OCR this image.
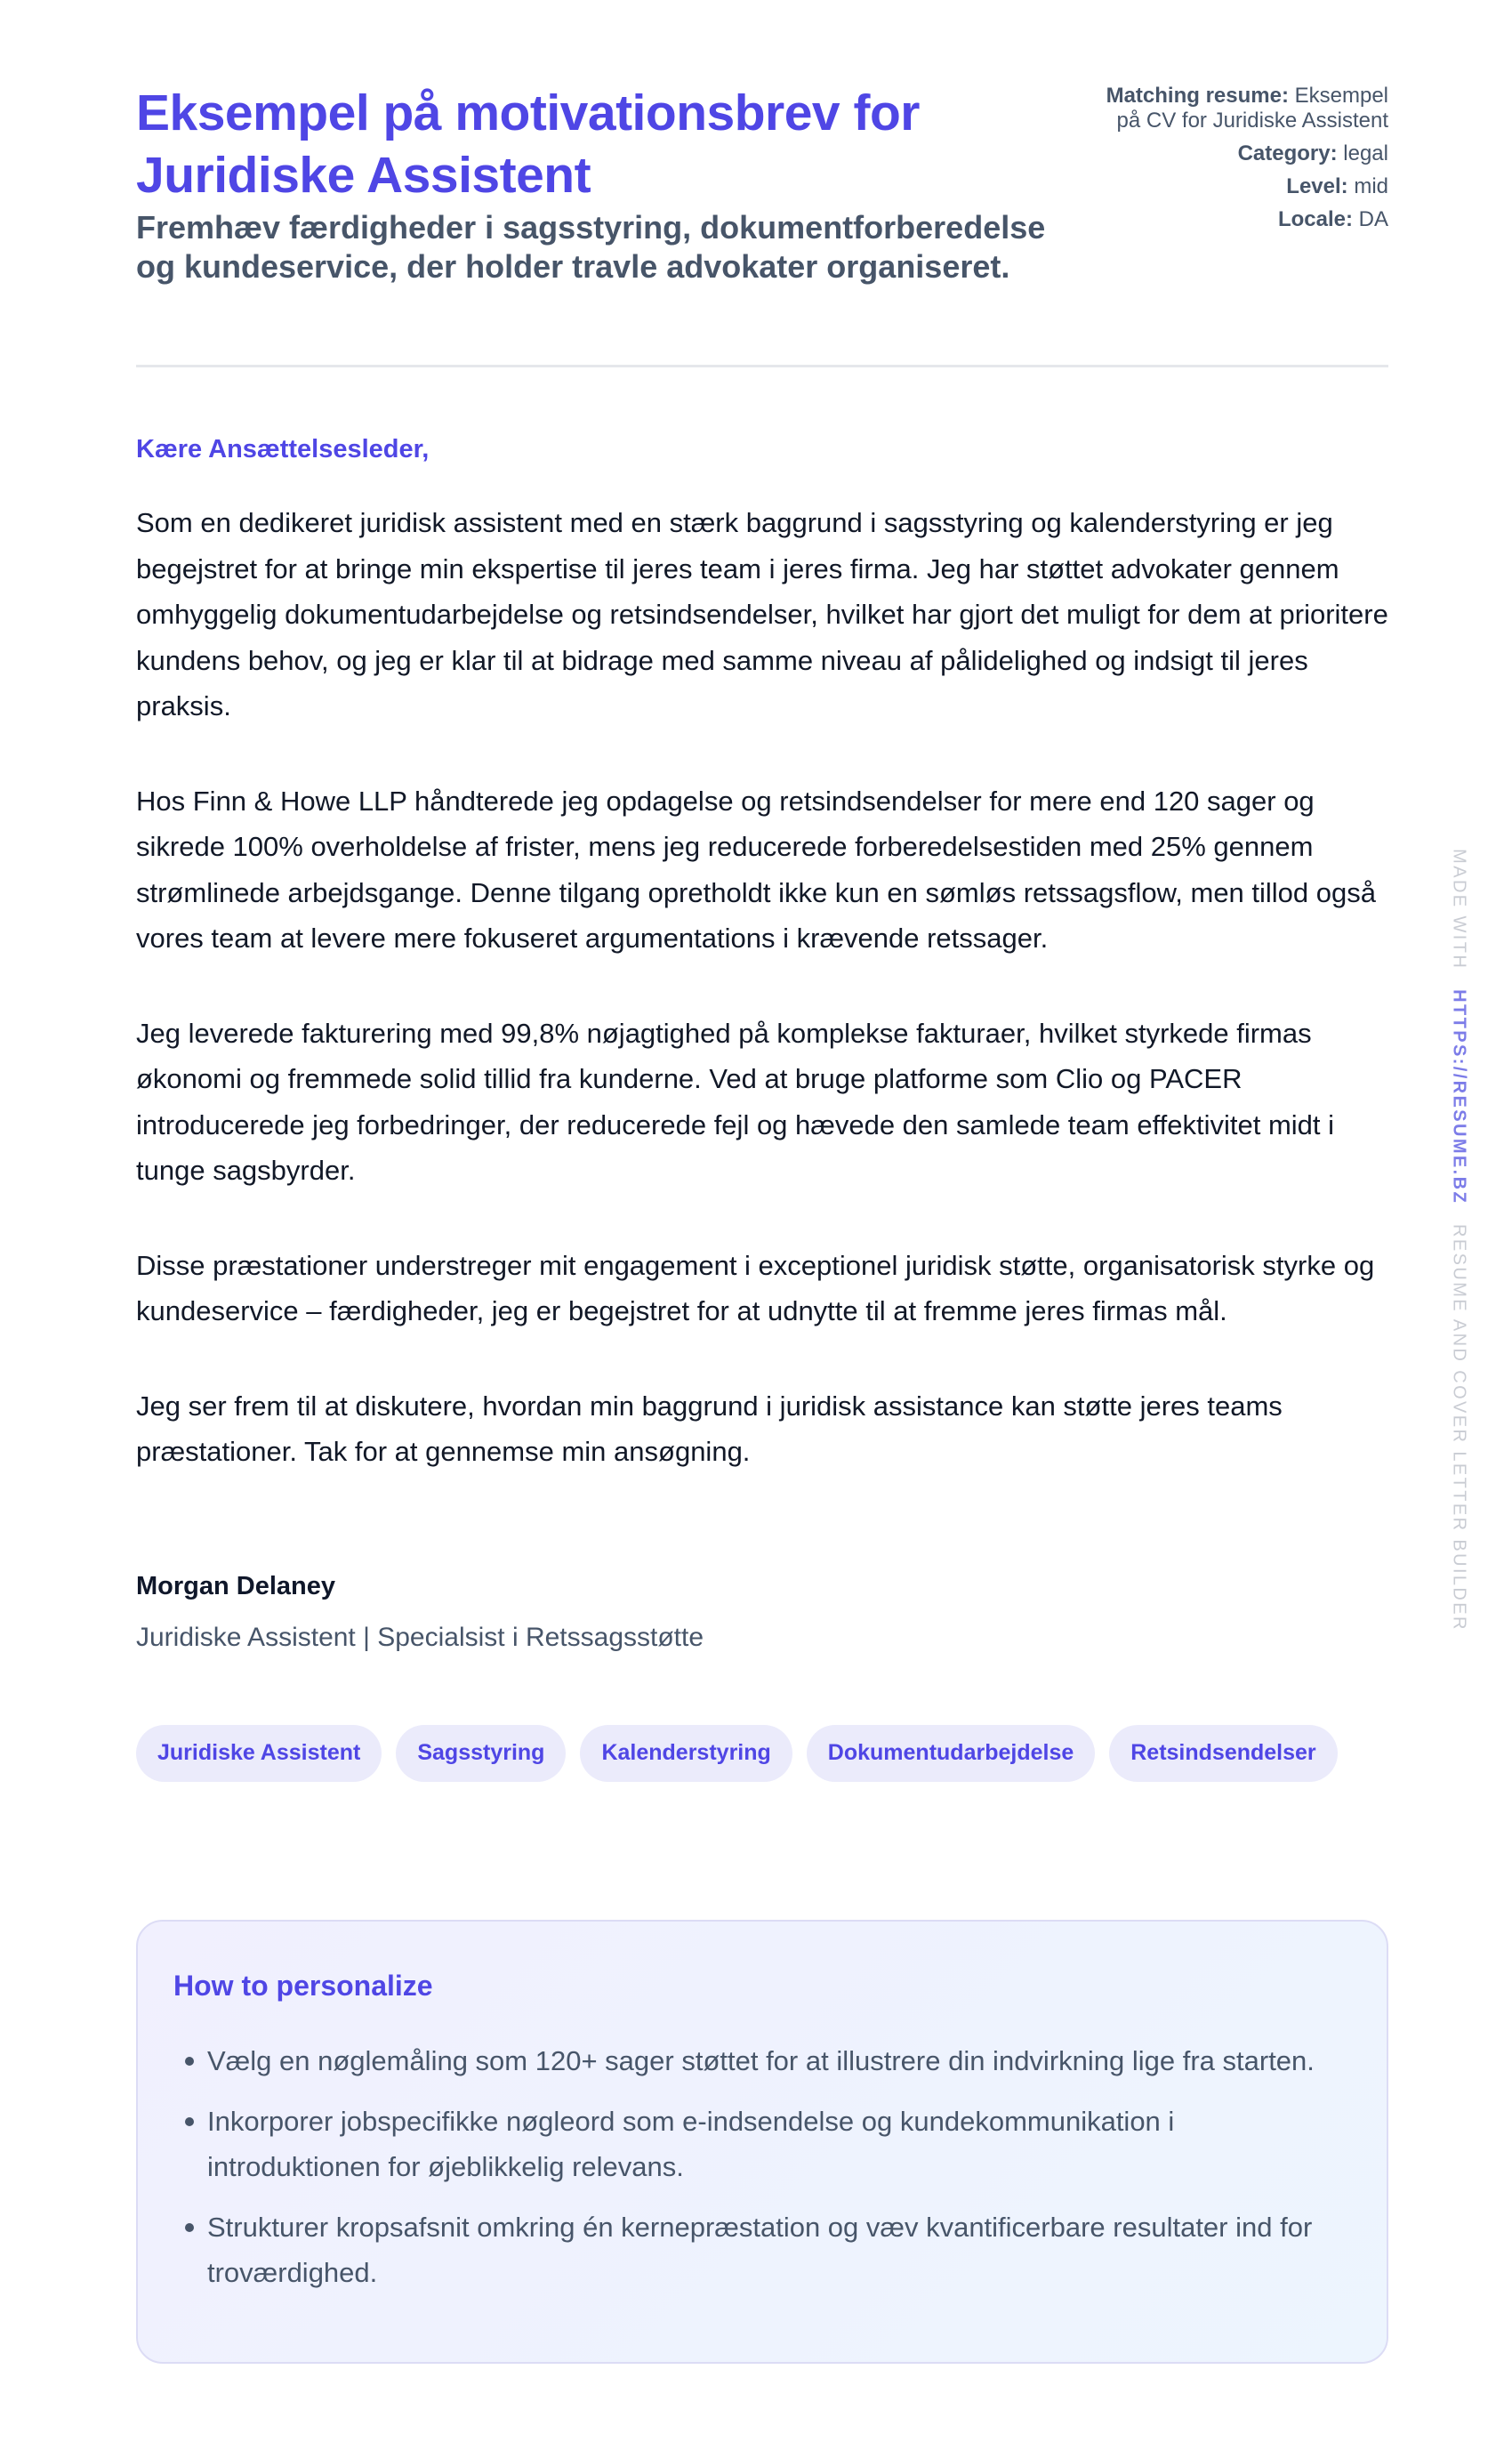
Eksempel på motivationsbrev for Juridiske Assistent
Fremhæv færdigheder i sagsstyring, dokumentforberedelse og kundeservice, der holder travle advokater organiseret.
Matching resume: Eksempel på CV for Juridiske Assistent
Category: legal
Level: mid
Locale: DA

Kære Ansættelsesleder,

Som en dedikeret juridisk assistent med en stærk baggrund i sagsstyring og kalenderstyring er jeg begejstret for at bringe min ekspertise til jeres team i jeres firma. Jeg har støttet advokater gennem omhyggelig dokumentudarbejdelse og retsindsendelser, hvilket har gjort det muligt for dem at prioritere kundens behov, og jeg er klar til at bidrage med samme niveau af pålidelighed og indsigt til jeres praksis.

Hos Finn & Howe LLP håndterede jeg opdagelse og retsindsendelser for mere end 120 sager og sikrede 100% overholdelse af frister, mens jeg reducerede forberedelsestiden med 25% gennem strømlinede arbejdsgange. Denne tilgang opretholdt ikke kun en sømløs retssagsflow, men tillod også vores team at levere mere fokuseret argumentations i krævende retssager.

Jeg leverede fakturering med 99,8% nøjagtighed på komplekse fakturaer, hvilket styrkede firmas økonomi og fremmede solid tillid fra kunderne. Ved at bruge platforme som Clio og PACER introducerede jeg forbedringer, der reducerede fejl og hævede den samlede team effektivitet midt i tunge sagsbyrder.

Disse præstationer understreger mit engagement i exceptionel juridisk støtte, organisatorisk styrke og kundeservice – færdigheder, jeg er begejstret for at udnytte til at fremme jeres firmas mål.

Jeg ser frem til at diskutere, hvordan min baggrund i juridisk assistance kan støtte jeres teams præstationer. Tak for at gennemse min ansøgning.

Morgan Delaney
Juridiske Assistent | Specialsist i Retssagsstøtte
Juridiske Assistent	Sagsstyring	Kalenderstyring	Dokumentudarbejdelse	Retsindsendelser
How to personalize
Vælg en nøglemåling som 120+ sager støttet for at illustrere din indvirkning lige fra starten.
Inkorporer jobspecifikke nøgleord som e-indsendelse og kundekommunikation i introduktionen for øjeblikkelig relevans.
Strukturer kropsafsnit omkring én kernepræstation og væv kvantificerbare resultater ind for troværdighed.
MADE WITH HTTPS://RESUME.BZ RESUME AND COVER LETTER BUILDER
